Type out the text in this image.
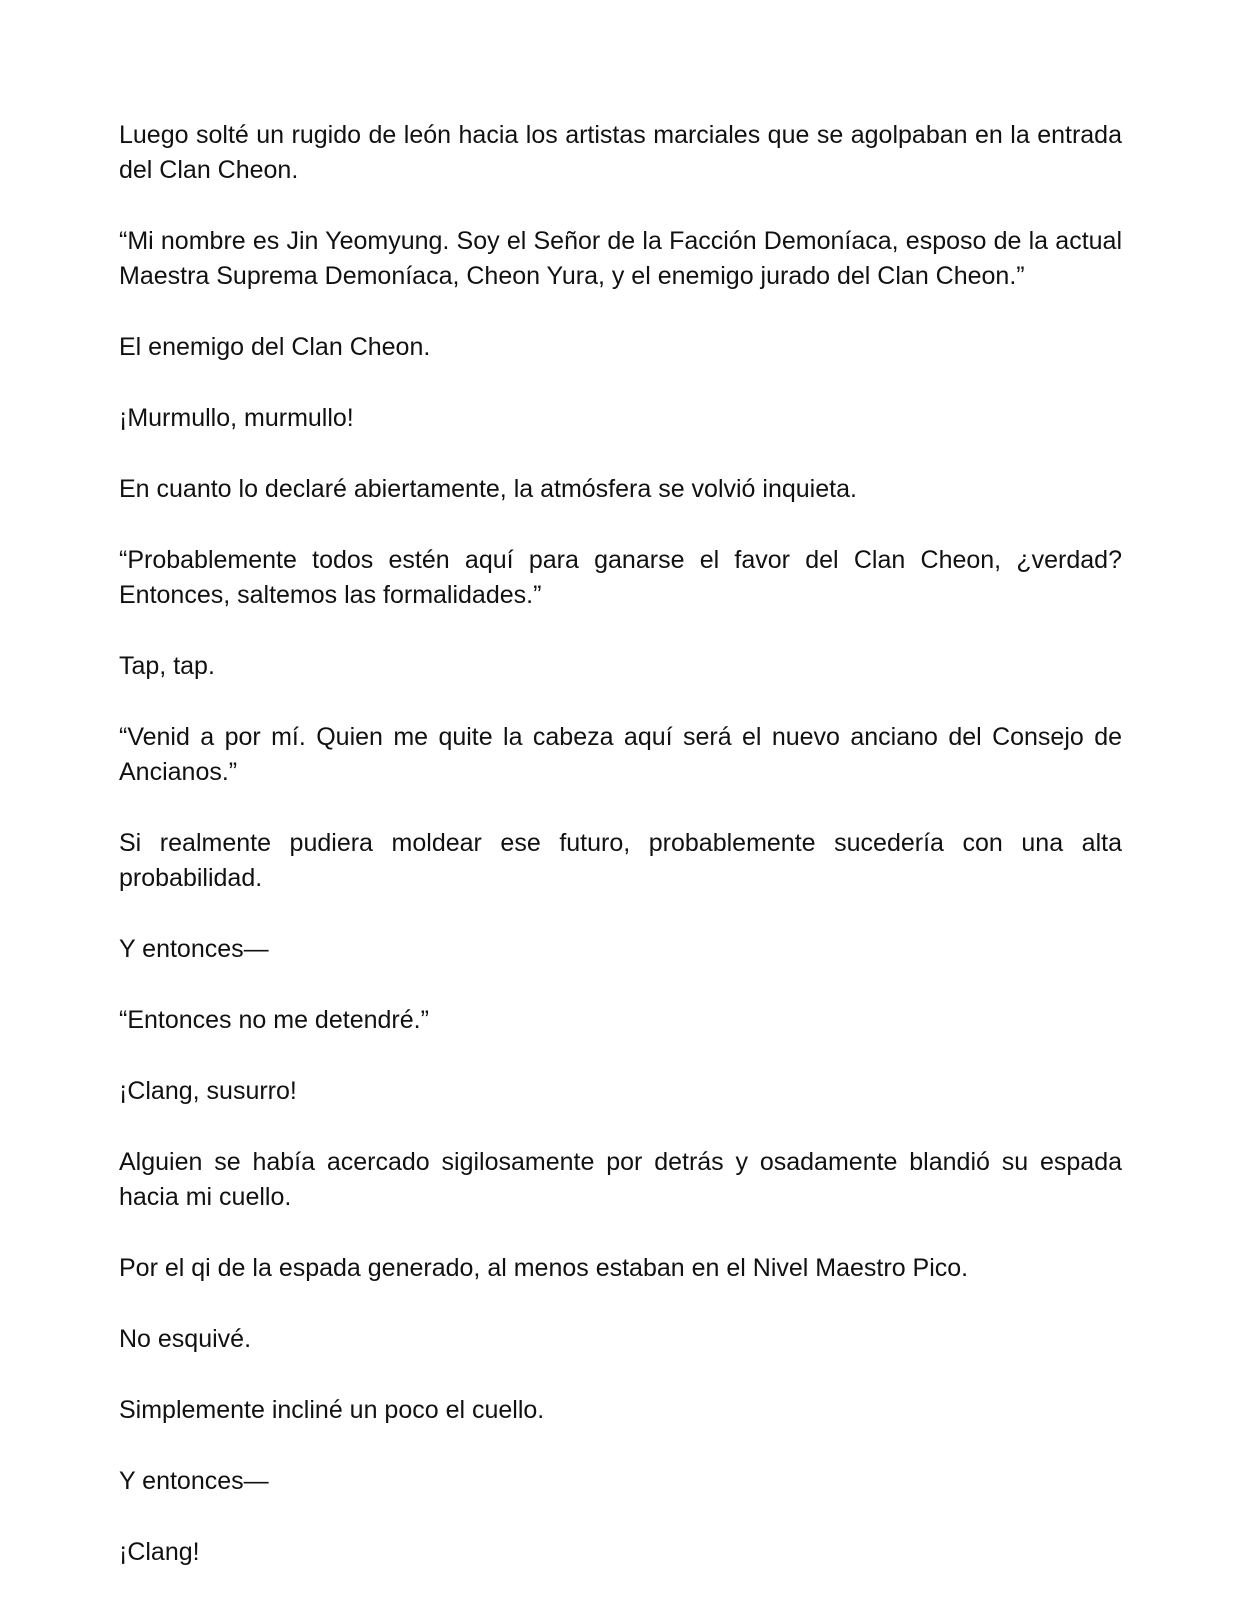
Luego solté un rugido de león hacia los artistas marciales que se agolpaban en la entrada del Clan Cheon.

“Mi nombre es Jin Yeomyung. Soy el Señor de la Facción Demoníaca, esposo de la actual Maestra Suprema Demoníaca, Cheon Yura, y el enemigo jurado del Clan Cheon.”

El enemigo del Clan Cheon.

¡Murmullo, murmullo!

En cuanto lo declaré abiertamente, la atmósfera se volvió inquieta.

“Probablemente todos estén aquí para ganarse el favor del Clan Cheon, ¿verdad? Entonces, saltemos las formalidades.”

Tap, tap.

“Venid a por mí. Quien me quite la cabeza aquí será el nuevo anciano del Consejo de Ancianos.”

Si realmente pudiera moldear ese futuro, probablemente sucedería con una alta probabilidad.

Y entonces—

“Entonces no me detendré.”

¡Clang, susurro!

Alguien se había acercado sigilosamente por detrás y osadamente blandió su espada hacia mi cuello.

Por el qi de la espada generado, al menos estaban en el Nivel Maestro Pico.

No esquivé.

Simplemente incliné un poco el cuello.

Y entonces—

¡Clang!
